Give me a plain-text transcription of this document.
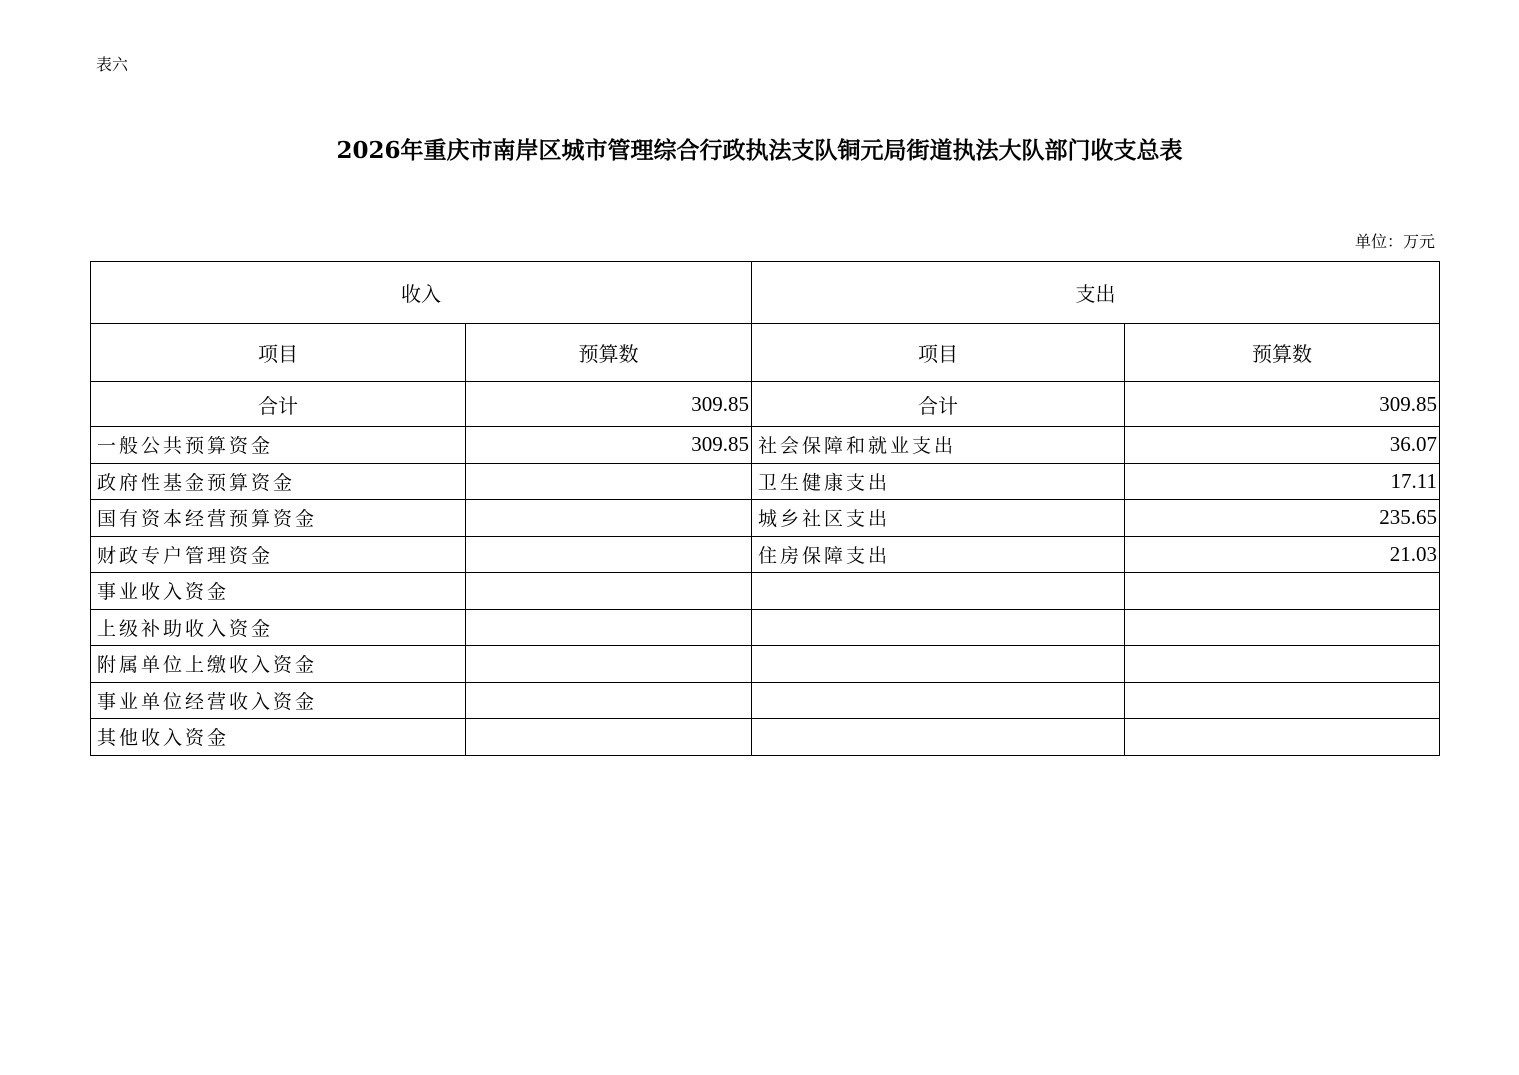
表六
2026年重庆市南岸区城市管理综合行政执法支队铜元局街道执法大队部门收支总表
单位：万元
收入		支出	
项目	预算数	项目	预算数
合计	309.85	合计	309.85
一般公共预算资金	309.85	社会保障和就业支出	36.07
政府性基金预算资金		卫生健康支出	17.11
国有资本经营预算资金		城乡社区支出	235.65
财政专户管理资金		住房保障支出	21.03
事业收入资金			
上级补助收入资金			
附属单位上缴收入资金			
事业单位经营收入资金			
其他收入资金			
